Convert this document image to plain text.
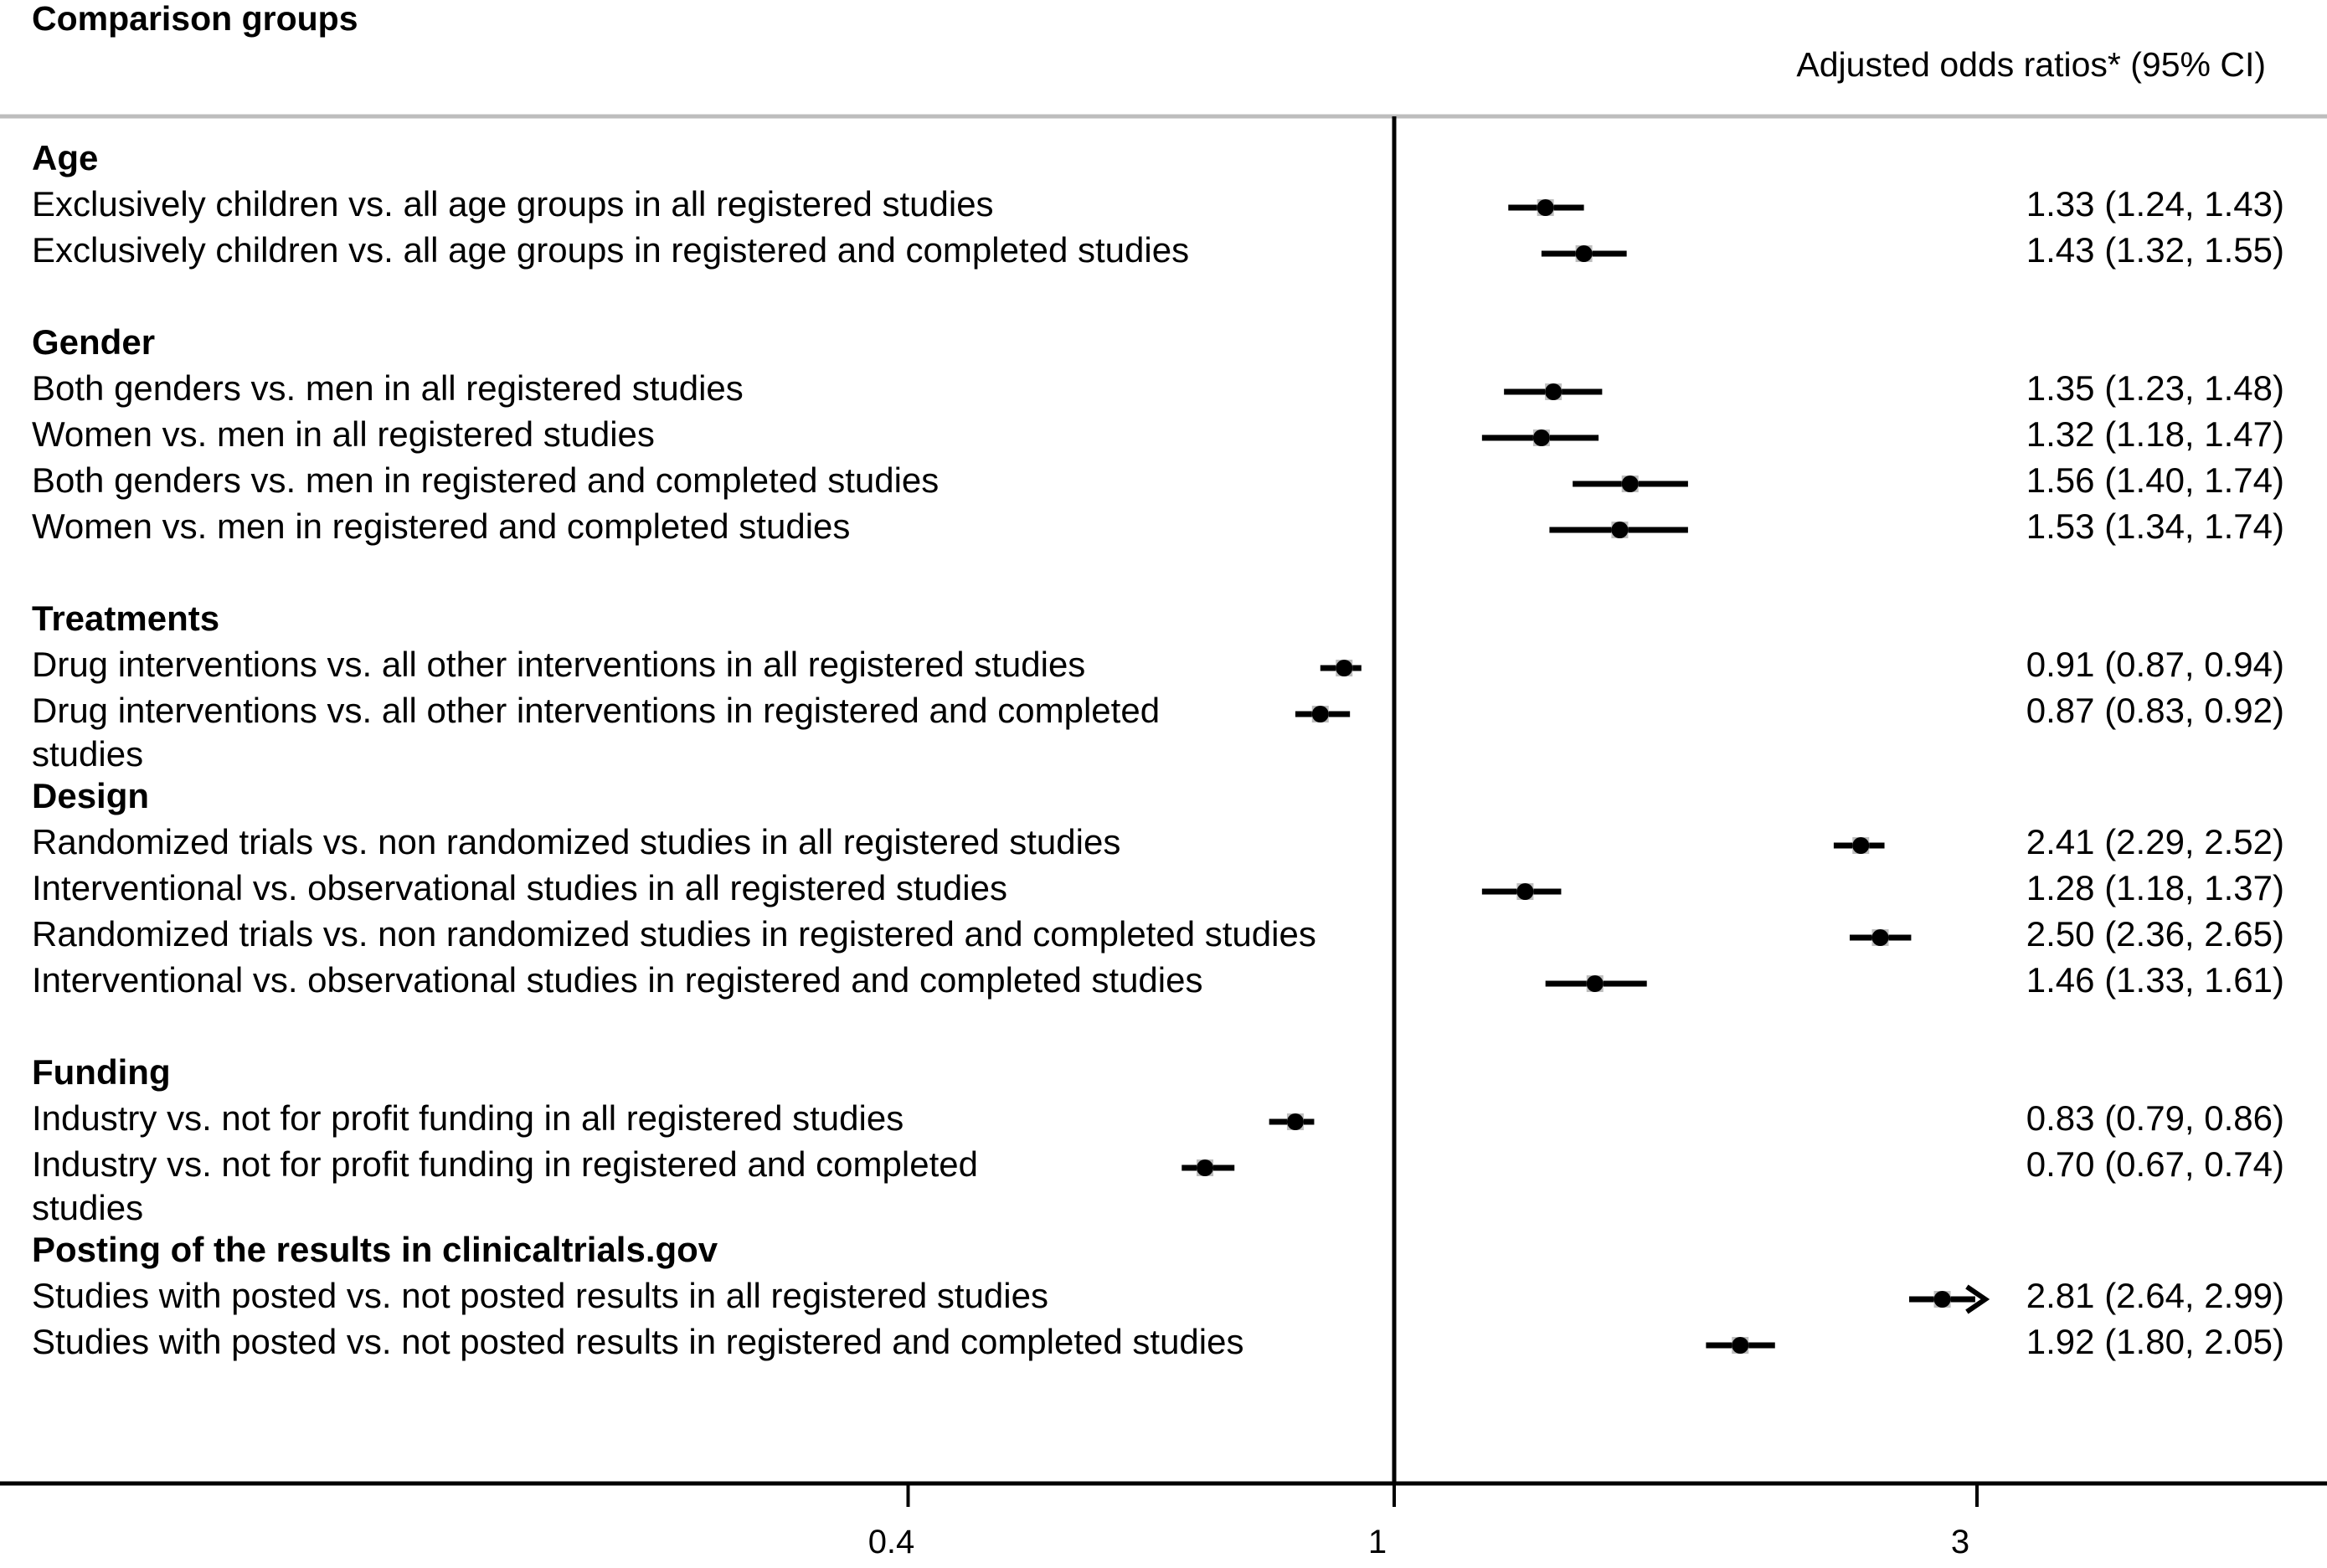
Comparison groups
Adjusted odds ratios* (95% CI)
Age
Exclusively children vs. all age groups in all registered studies	1.33 (1.24, 1.43)
Exclusively children vs. all age groups in registered and completed studies	1.43 (1.32, 1.55)
Gender
Both genders vs. men in all registered studies	1.35 (1.23, 1.48)
Women vs. men in all registered studies	1.32 (1.18, 1.47)
Both genders vs. men in registered and completed studies	1.56 (1.40, 1.74)
Women vs. men in registered and completed studies	1.53 (1.34, 1.74)
Treatments
Drug interventions vs. all other interventions in all registered studies	0.91 (0.87, 0.94)
Drug interventions vs. all other interventions in registered and completed	0.87 (0.83, 0.92)
studies
Design
Randomized trials vs. non randomized studies in all registered studies	2.41 (2.29, 2.52)
Interventional vs. observational studies in all registered studies	1.28 (1.18, 1.37)
Randomized trials vs. non randomized studies in registered and completed studies	2.50 (2.36, 2.65)
Interventional vs. observational studies in registered and completed studies	1.46 (1.33, 1.61)
Funding
Industry vs. not for profit funding in all registered studies	0.83 (0.79, 0.86)
Industry vs. not for profit funding in registered and completed	0.70 (0.67, 0.74)
studies
Posting of the results in clinicaltrials.gov
Studies with posted vs. not posted results in all registered studies	2.81 (2.64, 2.99)
Studies with posted vs. not posted results in registered and completed studies	1.92 (1.80, 2.05)
0.4	1	3
